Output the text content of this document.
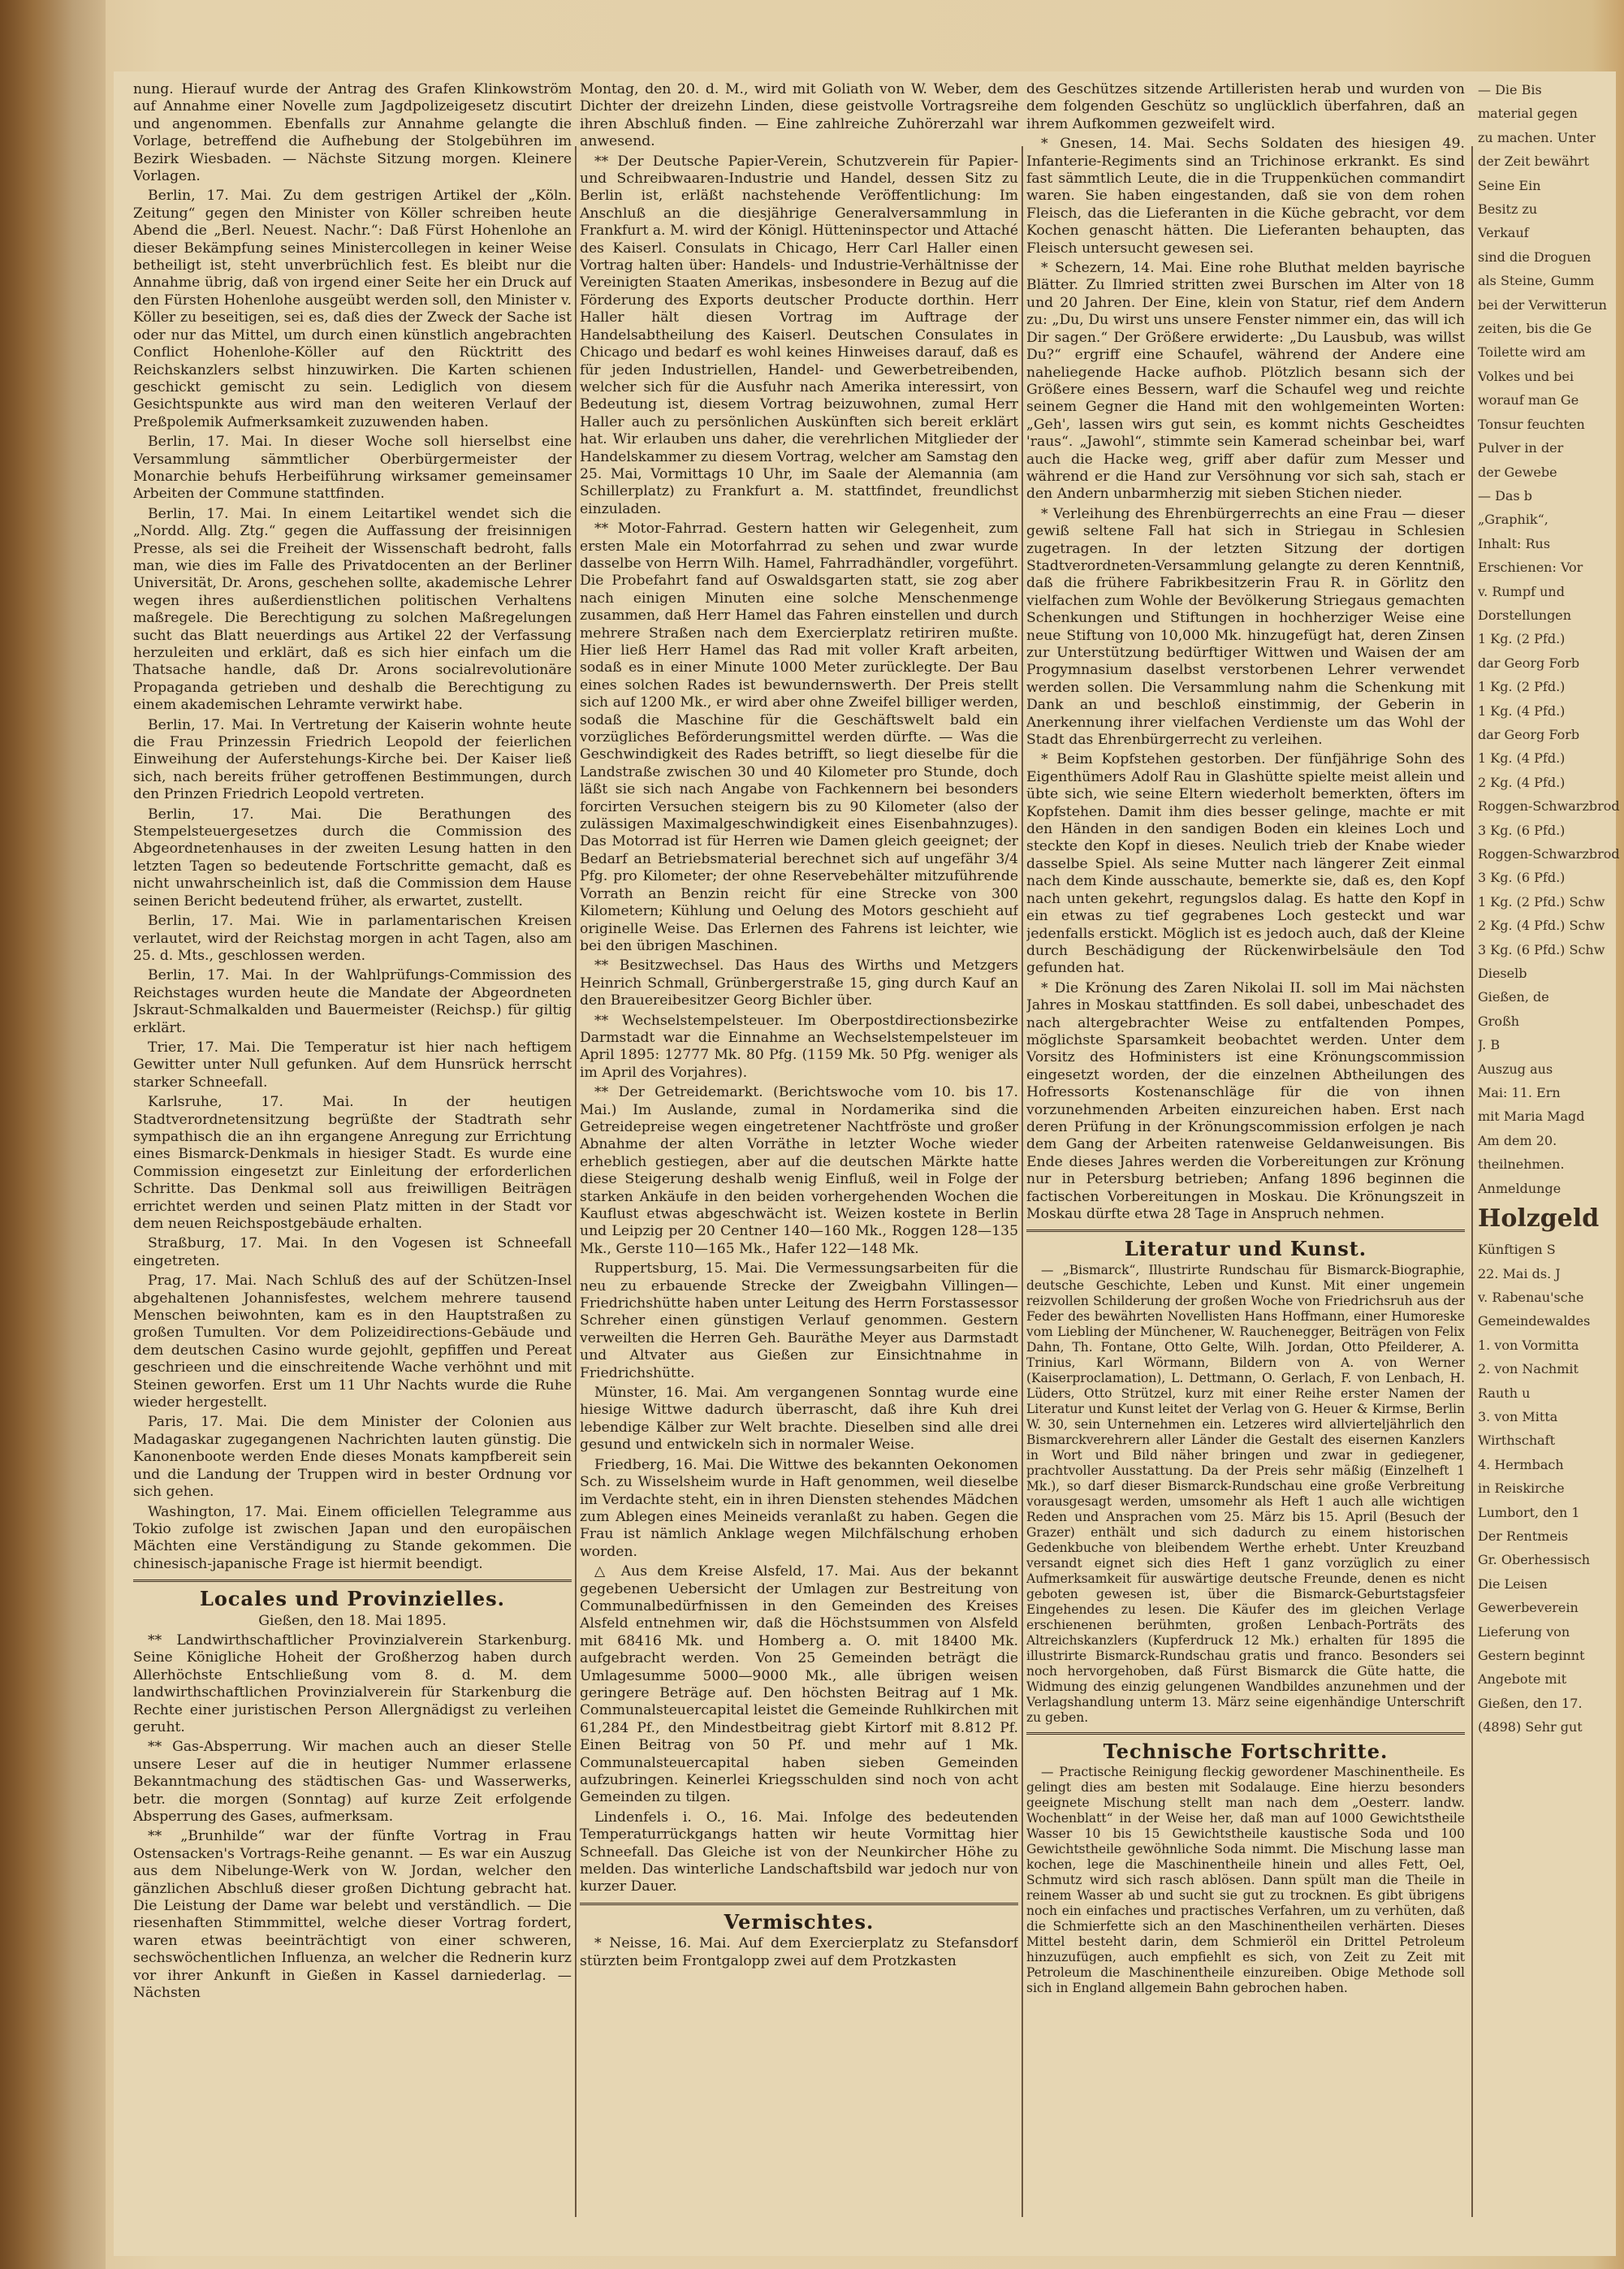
nung. Hierauf wurde der Antrag des Grafen Klinkowström auf Annahme einer Novelle zum Jagdpolizeigesetz discutirt und angenommen. Ebenfalls zur Annahme gelangte die Vorlage, betreffend die Aufhebung der Stolgebühren im Bezirk Wiesbaden. — Nächste Sitzung morgen. Kleinere Vorlagen.

Berlin, 17. Mai. Zu dem gestrigen Artikel der „Köln. Zeitung“ gegen den Minister von Köller schreiben heute Abend die „Berl. Neuest. Nachr.“: Daß Fürst Hohenlohe an dieser Bekämpfung seines Ministercollegen in keiner Weise betheiligt ist, steht unverbrüchlich fest. Es bleibt nur die Annahme übrig, daß von irgend einer Seite her ein Druck auf den Fürsten Hohenlohe ausgeübt werden soll, den Minister v. Köller zu beseitigen, sei es, daß dies der Zweck der Sache ist oder nur das Mittel, um durch einen künstlich angebrachten Conflict Hohenlohe-Köller auf den Rücktritt des Reichskanzlers selbst hinzuwirken. Die Karten schienen geschickt gemischt zu sein. Lediglich von diesem Gesichtspunkte aus wird man den weiteren Verlauf der Preßpolemik Aufmerksamkeit zuzuwenden haben.

Berlin, 17. Mai. In dieser Woche soll hierselbst eine Versammlung sämmtlicher Oberbürgermeister der Monarchie behufs Herbeiführung wirksamer gemeinsamer Arbeiten der Commune stattfinden.

Berlin, 17. Mai. In einem Leitartikel wendet sich die „Nordd. Allg. Ztg.“ gegen die Auffassung der freisinnigen Presse, als sei die Freiheit der Wissenschaft bedroht, falls man, wie dies im Falle des Privatdocenten an der Berliner Universität, Dr. Arons, geschehen sollte, akademische Lehrer wegen ihres außerdienstlichen politischen Verhaltens maßregele. Die Berechtigung zu solchen Maßregelungen sucht das Blatt neuerdings aus Artikel 22 der Verfassung herzuleiten und erklärt, daß es sich hier einfach um die Thatsache handle, daß Dr. Arons socialrevolutionäre Propaganda getrieben und deshalb die Berechtigung zu einem akademischen Lehramte verwirkt habe.

Berlin, 17. Mai. In Vertretung der Kaiserin wohnte heute die Frau Prinzessin Friedrich Leopold der feierlichen Einweihung der Auferstehungs-Kirche bei. Der Kaiser ließ sich, nach bereits früher getroffenen Bestimmungen, durch den Prinzen Friedrich Leopold vertreten.

Berlin, 17. Mai. Die Berathungen des Stempelsteuergesetzes durch die Commission des Abgeordnetenhauses in der zweiten Lesung hatten in den letzten Tagen so bedeutende Fortschritte gemacht, daß es nicht unwahrscheinlich ist, daß die Commission dem Hause seinen Bericht bedeutend früher, als erwartet, zustellt.

Berlin, 17. Mai. Wie in parlamentarischen Kreisen verlautet, wird der Reichstag morgen in acht Tagen, also am 25. d. Mts., geschlossen werden.

Berlin, 17. Mai. In der Wahlprüfungs-Commission des Reichstages wurden heute die Mandate der Abgeordneten Jskraut-Schmalkalden und Bauermeister (Reichsp.) für giltig erklärt.

Trier, 17. Mai. Die Temperatur ist hier nach heftigem Gewitter unter Null gefunken. Auf dem Hunsrück herrscht starker Schneefall.

Karlsruhe, 17. Mai. In der heutigen Stadtverordnetensitzung begrüßte der Stadtrath sehr sympathisch die an ihn ergangene Anregung zur Errichtung eines Bismarck-Denkmals in hiesiger Stadt. Es wurde eine Commission eingesetzt zur Einleitung der erforderlichen Schritte. Das Denkmal soll aus freiwilligen Beiträgen errichtet werden und seinen Platz mitten in der Stadt vor dem neuen Reichspostgebäude erhalten.

Straßburg, 17. Mai. In den Vogesen ist Schneefall eingetreten.

Prag, 17. Mai. Nach Schluß des auf der Schützen-Insel abgehaltenen Johannisfestes, welchem mehrere tausend Menschen beiwohnten, kam es in den Hauptstraßen zu großen Tumulten. Vor dem Polizeidirections-Gebäude und dem deutschen Casino wurde gejohlt, gepfiffen und Pereat geschrieen und die einschreitende Wache verhöhnt und mit Steinen geworfen. Erst um 11 Uhr Nachts wurde die Ruhe wieder hergestellt.

Paris, 17. Mai. Die dem Minister der Colonien aus Madagaskar zugegangenen Nachrichten lauten günstig. Die Kanonenboote werden Ende dieses Monats kampfbereit sein und die Landung der Truppen wird in bester Ordnung vor sich gehen.

Washington, 17. Mai. Einem officiellen Telegramme aus Tokio zufolge ist zwischen Japan und den europäischen Mächten eine Verständigung zu Stande gekommen. Die chinesisch-japanische Frage ist hiermit beendigt.

Locales und Provinzielles.

Gießen, den 18. Mai 1895.

** Landwirthschaftlicher Provinzialverein Starkenburg. Seine Königliche Hoheit der Großherzog haben durch Allerhöchste Entschließung vom 8. d. M. dem landwirthschaftlichen Provinzialverein für Starkenburg die Rechte einer juristischen Person Allergnädigst zu verleihen geruht.

** Gas-Absperrung. Wir machen auch an dieser Stelle unsere Leser auf die in heutiger Nummer erlassene Bekanntmachung des städtischen Gas- und Wasserwerks, betr. die morgen (Sonntag) auf kurze Zeit erfolgende Absperrung des Gases, aufmerksam.

** „Brunhilde“ war der fünfte Vortrag in Frau Ostensacken's Vortrags-Reihe genannt. — Es war ein Auszug aus dem Nibelunge-Werk von W. Jordan, welcher den gänzlichen Abschluß dieser großen Dichtung gebracht hat. Die Leistung der Dame war belebt und verständlich. — Die riesenhaften Stimmmittel, welche dieser Vortrag fordert, waren etwas beeinträchtigt von einer schweren, sechswöchentlichen Influenza, an welcher die Rednerin kurz vor ihrer Ankunft in Gießen in Kassel darniederlag. — Nächsten

Montag, den 20. d. M., wird mit Goliath von W. Weber, dem Dichter der dreizehn Linden, diese geistvolle Vortragsreihe ihren Abschluß finden. — Eine zahlreiche Zuhörerzahl war anwesend.

** Der Deutsche Papier-Verein, Schutzverein für Papier- und Schreibwaaren-Industrie und Handel, dessen Sitz zu Berlin ist, erläßt nachstehende Veröffentlichung: Im Anschluß an die diesjährige Generalversammlung in Frankfurt a. M. wird der Königl. Hütteninspector und Attaché des Kaiserl. Consulats in Chicago, Herr Carl Haller einen Vortrag halten über: Handels- und Industrie-Verhältnisse der Vereinigten Staaten Amerikas, insbesondere in Bezug auf die Förderung des Exports deutscher Producte dorthin. Herr Haller hält diesen Vortrag im Auftrage der Handelsabtheilung des Kaiserl. Deutschen Consulates in Chicago und bedarf es wohl keines Hinweises darauf, daß es für jeden Industriellen, Handel- und Gewerbetreibenden, welcher sich für die Ausfuhr nach Amerika interessirt, von Bedeutung ist, diesem Vortrag beizuwohnen, zumal Herr Haller auch zu persönlichen Auskünften sich bereit erklärt hat. Wir erlauben uns daher, die verehrlichen Mitglieder der Handelskammer zu diesem Vortrag, welcher am Samstag den 25. Mai, Vormittags 10 Uhr, im Saale der Alemannia (am Schillerplatz) zu Frankfurt a. M. stattfindet, freundlichst einzuladen.

** Motor-Fahrrad. Gestern hatten wir Gelegenheit, zum ersten Male ein Motorfahrrad zu sehen und zwar wurde dasselbe von Herrn Wilh. Hamel, Fahrradhändler, vorgeführt. Die Probefahrt fand auf Oswaldsgarten statt, sie zog aber nach einigen Minuten eine solche Menschenmenge zusammen, daß Herr Hamel das Fahren einstellen und durch mehrere Straßen nach dem Exercierplatz retiriren mußte. Hier ließ Herr Hamel das Rad mit voller Kraft arbeiten, sodaß es in einer Minute 1000 Meter zurücklegte. Der Bau eines solchen Rades ist bewundernswerth. Der Preis stellt sich auf 1200 Mk., er wird aber ohne Zweifel billiger werden, sodaß die Maschine für die Geschäftswelt bald ein vorzügliches Beförderungsmittel werden dürfte. — Was die Geschwindigkeit des Rades betrifft, so liegt dieselbe für die Landstraße zwischen 30 und 40 Kilometer pro Stunde, doch läßt sie sich nach Angabe von Fachkennern bei besonders forcirten Versuchen steigern bis zu 90 Kilometer (also der zulässigen Maximalgeschwindigkeit eines Eisenbahnzuges). Das Motorrad ist für Herren wie Damen gleich geeignet; der Bedarf an Betriebsmaterial berechnet sich auf ungefähr 3/4 Pfg. pro Kilometer; der ohne Reservebehälter mitzuführende Vorrath an Benzin reicht für eine Strecke von 300 Kilometern; Kühlung und Oelung des Motors geschieht auf originelle Weise. Das Erlernen des Fahrens ist leichter, wie bei den übrigen Maschinen.

** Besitzwechsel. Das Haus des Wirths und Metzgers Heinrich Schmall, Grünbergerstraße 15, ging durch Kauf an den Brauereibesitzer Georg Bichler über.

** Wechselstempelsteuer. Im Oberpostdirectionsbezirke Darmstadt war die Einnahme an Wechselstempelsteuer im April 1895: 12777 Mk. 80 Pfg. (1159 Mk. 50 Pfg. weniger als im April des Vorjahres).

** Der Getreidemarkt. (Berichtswoche vom 10. bis 17. Mai.) Im Auslande, zumal in Nordamerika sind die Getreidepreise wegen eingetretener Nachtfröste und großer Abnahme der alten Vorräthe in letzter Woche wieder erheblich gestiegen, aber auf die deutschen Märkte hatte diese Steigerung deshalb wenig Einfluß, weil in Folge der starken Ankäufe in den beiden vorhergehenden Wochen die Kauflust etwas abgeschwächt ist. Weizen kostete in Berlin und Leipzig per 20 Centner 140—160 Mk., Roggen 128—135 Mk., Gerste 110—165 Mk., Hafer 122—148 Mk.

Ruppertsburg, 15. Mai. Die Vermessungsarbeiten für die neu zu erbauende Strecke der Zweigbahn Villingen—Friedrichshütte haben unter Leitung des Herrn Forstassessor Schreher einen günstigen Verlauf genommen. Gestern verweilten die Herren Geh. Bauräthe Meyer aus Darmstadt und Altvater aus Gießen zur Einsichtnahme in Friedrichshütte.

Münster, 16. Mai. Am vergangenen Sonntag wurde eine hiesige Wittwe dadurch überrascht, daß ihre Kuh drei lebendige Kälber zur Welt brachte. Dieselben sind alle drei gesund und entwickeln sich in normaler Weise.

Friedberg, 16. Mai. Die Wittwe des bekannten Oekonomen Sch. zu Wisselsheim wurde in Haft genommen, weil dieselbe im Verdachte steht, ein in ihren Diensten stehendes Mädchen zum Ablegen eines Meineids veranlaßt zu haben. Gegen die Frau ist nämlich Anklage wegen Milchfälschung erhoben worden.

△ Aus dem Kreise Alsfeld, 17. Mai. Aus der bekannt gegebenen Uebersicht der Umlagen zur Bestreitung von Communalbedürfnissen in den Gemeinden des Kreises Alsfeld entnehmen wir, daß die Höchstsummen von Alsfeld mit 68416 Mk. und Homberg a. O. mit 18400 Mk. aufgebracht werden. Von 25 Gemeinden beträgt die Umlagesumme 5000—9000 Mk., alle übrigen weisen geringere Beträge auf. Den höchsten Beitrag auf 1 Mk. Communalsteuercapital leistet die Gemeinde Ruhlkirchen mit 61,284 Pf., den Mindestbeitrag giebt Kirtorf mit 8.812 Pf. Einen Beitrag von 50 Pf. und mehr auf 1 Mk. Communalsteuercapital haben sieben Gemeinden aufzubringen. Keinerlei Kriegsschulden sind noch von acht Gemeinden zu tilgen.

Lindenfels i. O., 16. Mai. Infolge des bedeutenden Temperaturrückgangs hatten wir heute Vormittag hier Schneefall. Das Gleiche ist von der Neunkircher Höhe zu melden. Das winterliche Landschaftsbild war jedoch nur von kurzer Dauer.

Vermischtes.

* Neisse, 16. Mai. Auf dem Exercierplatz zu Stefansdorf stürzten beim Frontgalopp zwei auf dem Protzkasten

des Geschützes sitzende Artilleristen herab und wurden von dem folgenden Geschütz so unglücklich überfahren, daß an ihrem Aufkommen gezweifelt wird.

* Gnesen, 14. Mai. Sechs Soldaten des hiesigen 49. Infanterie-Regiments sind an Trichinose erkrankt. Es sind fast sämmtlich Leute, die in die Truppenküchen commandirt waren. Sie haben eingestanden, daß sie von dem rohen Fleisch, das die Lieferanten in die Küche gebracht, vor dem Kochen genascht hätten. Die Lieferanten behaupten, das Fleisch untersucht gewesen sei.

* Schezern, 14. Mai. Eine rohe Bluthat melden bayrische Blätter. Zu Ilmried stritten zwei Burschen im Alter von 18 und 20 Jahren. Der Eine, klein von Statur, rief dem Andern zu: „Du, Du wirst uns unsere Fenster nimmer ein, das will ich Dir sagen.“ Der Größere erwiderte: „Du Lausbub, was willst Du?“ ergriff eine Schaufel, während der Andere eine naheliegende Hacke aufhob. Plötzlich besann sich der Größere eines Bessern, warf die Schaufel weg und reichte seinem Gegner die Hand mit den wohlgemeinten Worten: „Geh', lassen wirs gut sein, es kommt nichts Gescheidtes 'raus“. „Jawohl“, stimmte sein Kamerad scheinbar bei, warf auch die Hacke weg, griff aber dafür zum Messer und während er die Hand zur Versöhnung vor sich sah, stach er den Andern unbarmherzig mit sieben Stichen nieder.

* Verleihung des Ehrenbürgerrechts an eine Frau — dieser gewiß seltene Fall hat sich in Striegau in Schlesien zugetragen. In der letzten Sitzung der dortigen Stadtverordneten-Versammlung gelangte zu deren Kenntniß, daß die frühere Fabrikbesitzerin Frau R. in Görlitz den vielfachen zum Wohle der Bevölkerung Striegaus gemachten Schenkungen und Stiftungen in hochherziger Weise eine neue Stiftung von 10,000 Mk. hinzugefügt hat, deren Zinsen zur Unterstützung bedürftiger Wittwen und Waisen der am Progymnasium daselbst verstorbenen Lehrer verwendet werden sollen. Die Versammlung nahm die Schenkung mit Dank an und beschloß einstimmig, der Geberin in Anerkennung ihrer vielfachen Verdienste um das Wohl der Stadt das Ehrenbürgerrecht zu verleihen.

* Beim Kopfstehen gestorben. Der fünfjährige Sohn des Eigenthümers Adolf Rau in Glashütte spielte meist allein und übte sich, wie seine Eltern wiederholt bemerkten, öfters im Kopfstehen. Damit ihm dies besser gelinge, machte er mit den Händen in den sandigen Boden ein kleines Loch und steckte den Kopf in dieses. Neulich trieb der Knabe wieder dasselbe Spiel. Als seine Mutter nach längerer Zeit einmal nach dem Kinde ausschaute, bemerkte sie, daß es, den Kopf nach unten gekehrt, regungslos dalag. Es hatte den Kopf in ein etwas zu tief gegrabenes Loch gesteckt und war jedenfalls erstickt. Möglich ist es jedoch auch, daß der Kleine durch Beschädigung der Rückenwirbelsäule den Tod gefunden hat.

* Die Krönung des Zaren Nikolai II. soll im Mai nächsten Jahres in Moskau stattfinden. Es soll dabei, unbeschadet des nach altergebrachter Weise zu entfaltenden Pompes, möglichste Sparsamkeit beobachtet werden. Unter dem Vorsitz des Hofministers ist eine Krönungscommission eingesetzt worden, der die einzelnen Abtheilungen des Hofressorts Kostenanschläge für die von ihnen vorzunehmenden Arbeiten einzureichen haben. Erst nach deren Prüfung in der Krönungscommission erfolgen je nach dem Gang der Arbeiten ratenweise Geldanweisungen. Bis Ende dieses Jahres werden die Vorbereitungen zur Krönung nur in Petersburg betrieben; Anfang 1896 beginnen die factischen Vorbereitungen in Moskau. Die Krönungszeit in Moskau dürfte etwa 28 Tage in Anspruch nehmen.

Literatur und Kunst.

— „Bismarck“, Illustrirte Rundschau für Bismarck-Biographie, deutsche Geschichte, Leben und Kunst. Mit einer ungemein reizvollen Schilderung der großen Woche von Friedrichsruh aus der Feder des bewährten Novellisten Hans Hoffmann, einer Humoreske vom Liebling der Münchener, W. Rauchenegger, Beiträgen von Felix Dahn, Th. Fontane, Otto Gelte, Wilh. Jordan, Otto Pfeilderer, A. Trinius, Karl Wörmann, Bildern von A. von Werner (Kaiserproclamation), L. Dettmann, O. Gerlach, F. von Lenbach, H. Lüders, Otto Strützel, kurz mit einer Reihe erster Namen der Literatur und Kunst leitet der Verlag von G. Heuer & Kirmse, Berlin W. 30, sein Unternehmen ein. Letzeres wird allvierteljährlich den Bismarckverehrern aller Länder die Gestalt des eisernen Kanzlers in Wort und Bild näher bringen und zwar in gediegener, prachtvoller Ausstattung. Da der Preis sehr mäßig (Einzelheft 1 Mk.), so darf dieser Bismarck-Rundschau eine große Verbreitung vorausgesagt werden, umsomehr als Heft 1 auch alle wichtigen Reden und Ansprachen vom 25. März bis 15. April (Besuch der Grazer) enthält und sich dadurch zu einem historischen Gedenkbuche von bleibendem Werthe erhebt. Unter Kreuzband versandt eignet sich dies Heft 1 ganz vorzüglich zu einer Aufmerksamkeit für auswärtige deutsche Freunde, denen es nicht geboten gewesen ist, über die Bismarck-Geburtstagsfeier Eingehendes zu lesen. Die Käufer des im gleichen Verlage erschienenen berühmten, großen Lenbach-Porträts des Altreichskanzlers (Kupferdruck 12 Mk.) erhalten für 1895 die illustrirte Bismarck-Rundschau gratis und franco. Besonders sei noch hervorgehoben, daß Fürst Bismarck die Güte hatte, die Widmung des einzig gelungenen Wandbildes anzunehmen und der Verlagshandlung unterm 13. März seine eigenhändige Unterschrift zu geben.

Technische Fortschritte.

— Practische Reinigung fleckig gewordener Maschinentheile. Es gelingt dies am besten mit Sodalauge. Eine hierzu besonders geeignete Mischung stellt man nach dem „Oesterr. landw. Wochenblatt“ in der Weise her, daß man auf 1000 Gewichtstheile Wasser 10 bis 15 Gewichtstheile kaustische Soda und 100 Gewichtstheile gewöhnliche Soda nimmt. Die Mischung lasse man kochen, lege die Maschinentheile hinein und alles Fett, Oel, Schmutz wird sich rasch ablösen. Dann spült man die Theile in reinem Wasser ab und sucht sie gut zu trocknen. Es gibt übrigens noch ein einfaches und practisches Verfahren, um zu verhüten, daß die Schmierfette sich an den Maschinentheilen verhärten. Dieses Mittel besteht darin, dem Schmieröl ein Drittel Petroleum hinzuzufügen, auch empfiehlt es sich, von Zeit zu Zeit mit Petroleum die Maschinentheile einzureiben. Obige Methode soll sich in England allgemein Bahn gebrochen haben.

— Die Bis
material gegen
zu machen. Unter
der Zeit bewährt
Seine Ein
Besitz zu
Verkauf
sind die Droguen
als Steine, Gumm
bei der Verwitterun
zeiten, bis die Ge
Toilette wird am
Volkes und bei
worauf man Ge
Tonsur feuchten
Pulver in der
der Gewebe
— Das b
„Graphik“,
Inhalt: Rus
Erschienen: Vor
v. Rumpf und
Dorstellungen
1 Kg. (2 Pfd.)
dar Georg Forb
1 Kg. (2 Pfd.)
1 Kg. (4 Pfd.)
dar Georg Forb
1 Kg. (4 Pfd.)
2 Kg. (4 Pfd.)
Roggen-Schwarzbrod
3 Kg. (6 Pfd.)
Roggen-Schwarzbrod
3 Kg. (6 Pfd.)
1 Kg. (2 Pfd.) Schw
2 Kg. (4 Pfd.) Schw
3 Kg. (6 Pfd.) Schw
Dieselb
Gießen, de
Großh
J. B
Auszug aus
Mai: 11. Ern
mit Maria Magd
Am dem 20.
theilnehmen.
Anmeldunge
Holzgeld
Künftigen S
22. Mai ds. J
v. Rabenau'sche
Gemeindewaldes
1. von Vormitta
2. von Nachmit
Rauth u
3. von Mitta
Wirthschaft
4. Hermbach
in Reiskirche
Lumbort, den 1
Der Rentmeis
Gr. Oberhessisch
Die Leisen
Gewerbeverein
Lieferung von
Gestern beginnt
Angebote mit
Gießen, den 17.
(4898) Sehr gut
